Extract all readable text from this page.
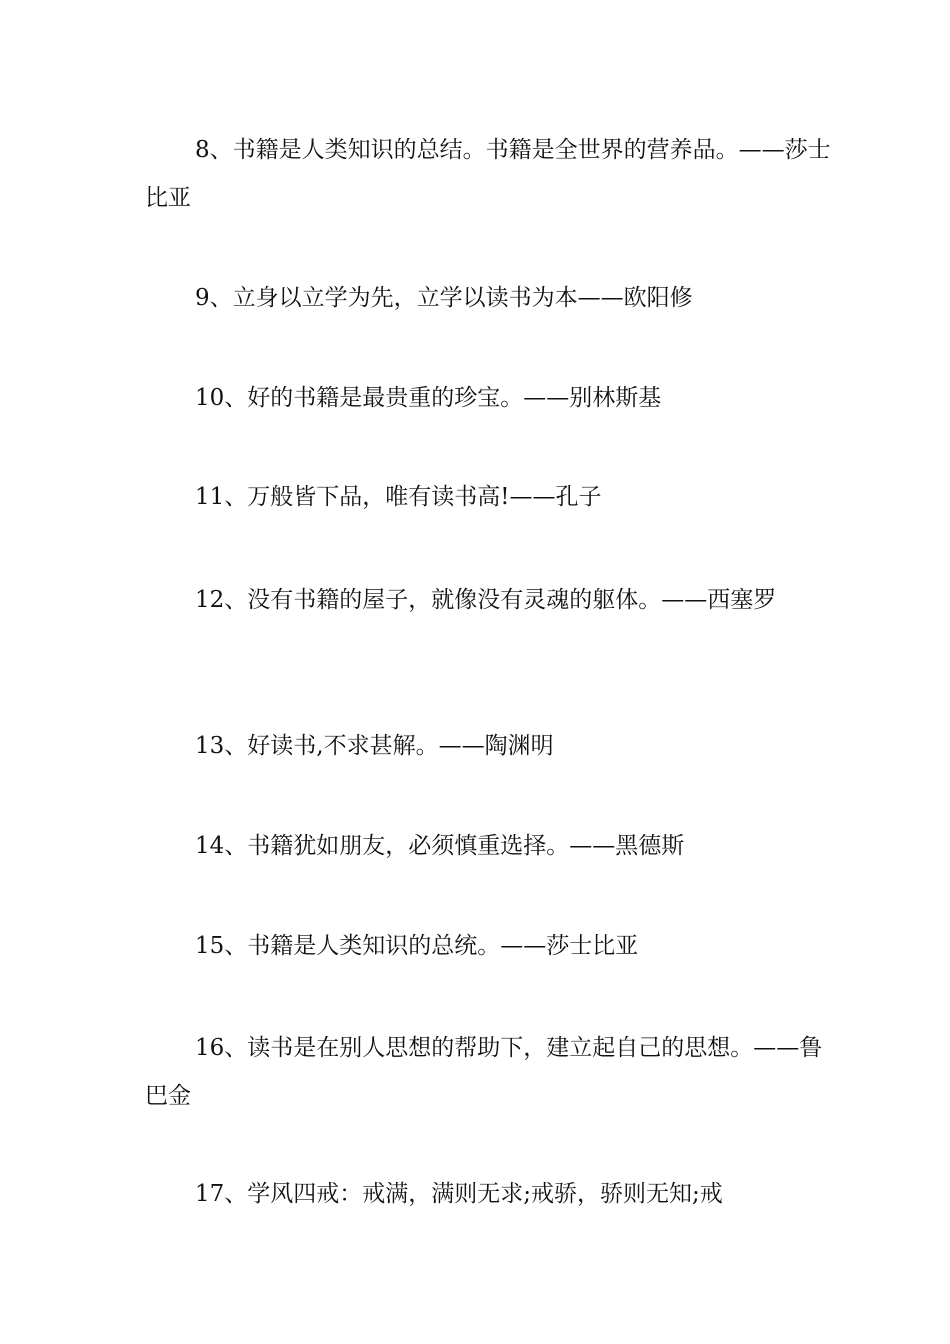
8、书籍是人类知识的总结。书籍是全世界的营养品。——莎士比亚

9、立身以立学为先，立学以读书为本——欧阳修

10、好的书籍是最贵重的珍宝。——别林斯基

11、万般皆下品，唯有读书高!——孔子

12、没有书籍的屋子，就像没有灵魂的躯体。——西塞罗

13、好读书,不求甚解。——陶渊明

14、书籍犹如朋友，必须慎重选择。——黑德斯

15、书籍是人类知识的总统。——莎士比亚

16、读书是在别人思想的帮助下，建立起自己的思想。——鲁巴金

17、学风四戒：戒满，满则无求;戒骄，骄则无知;戒
